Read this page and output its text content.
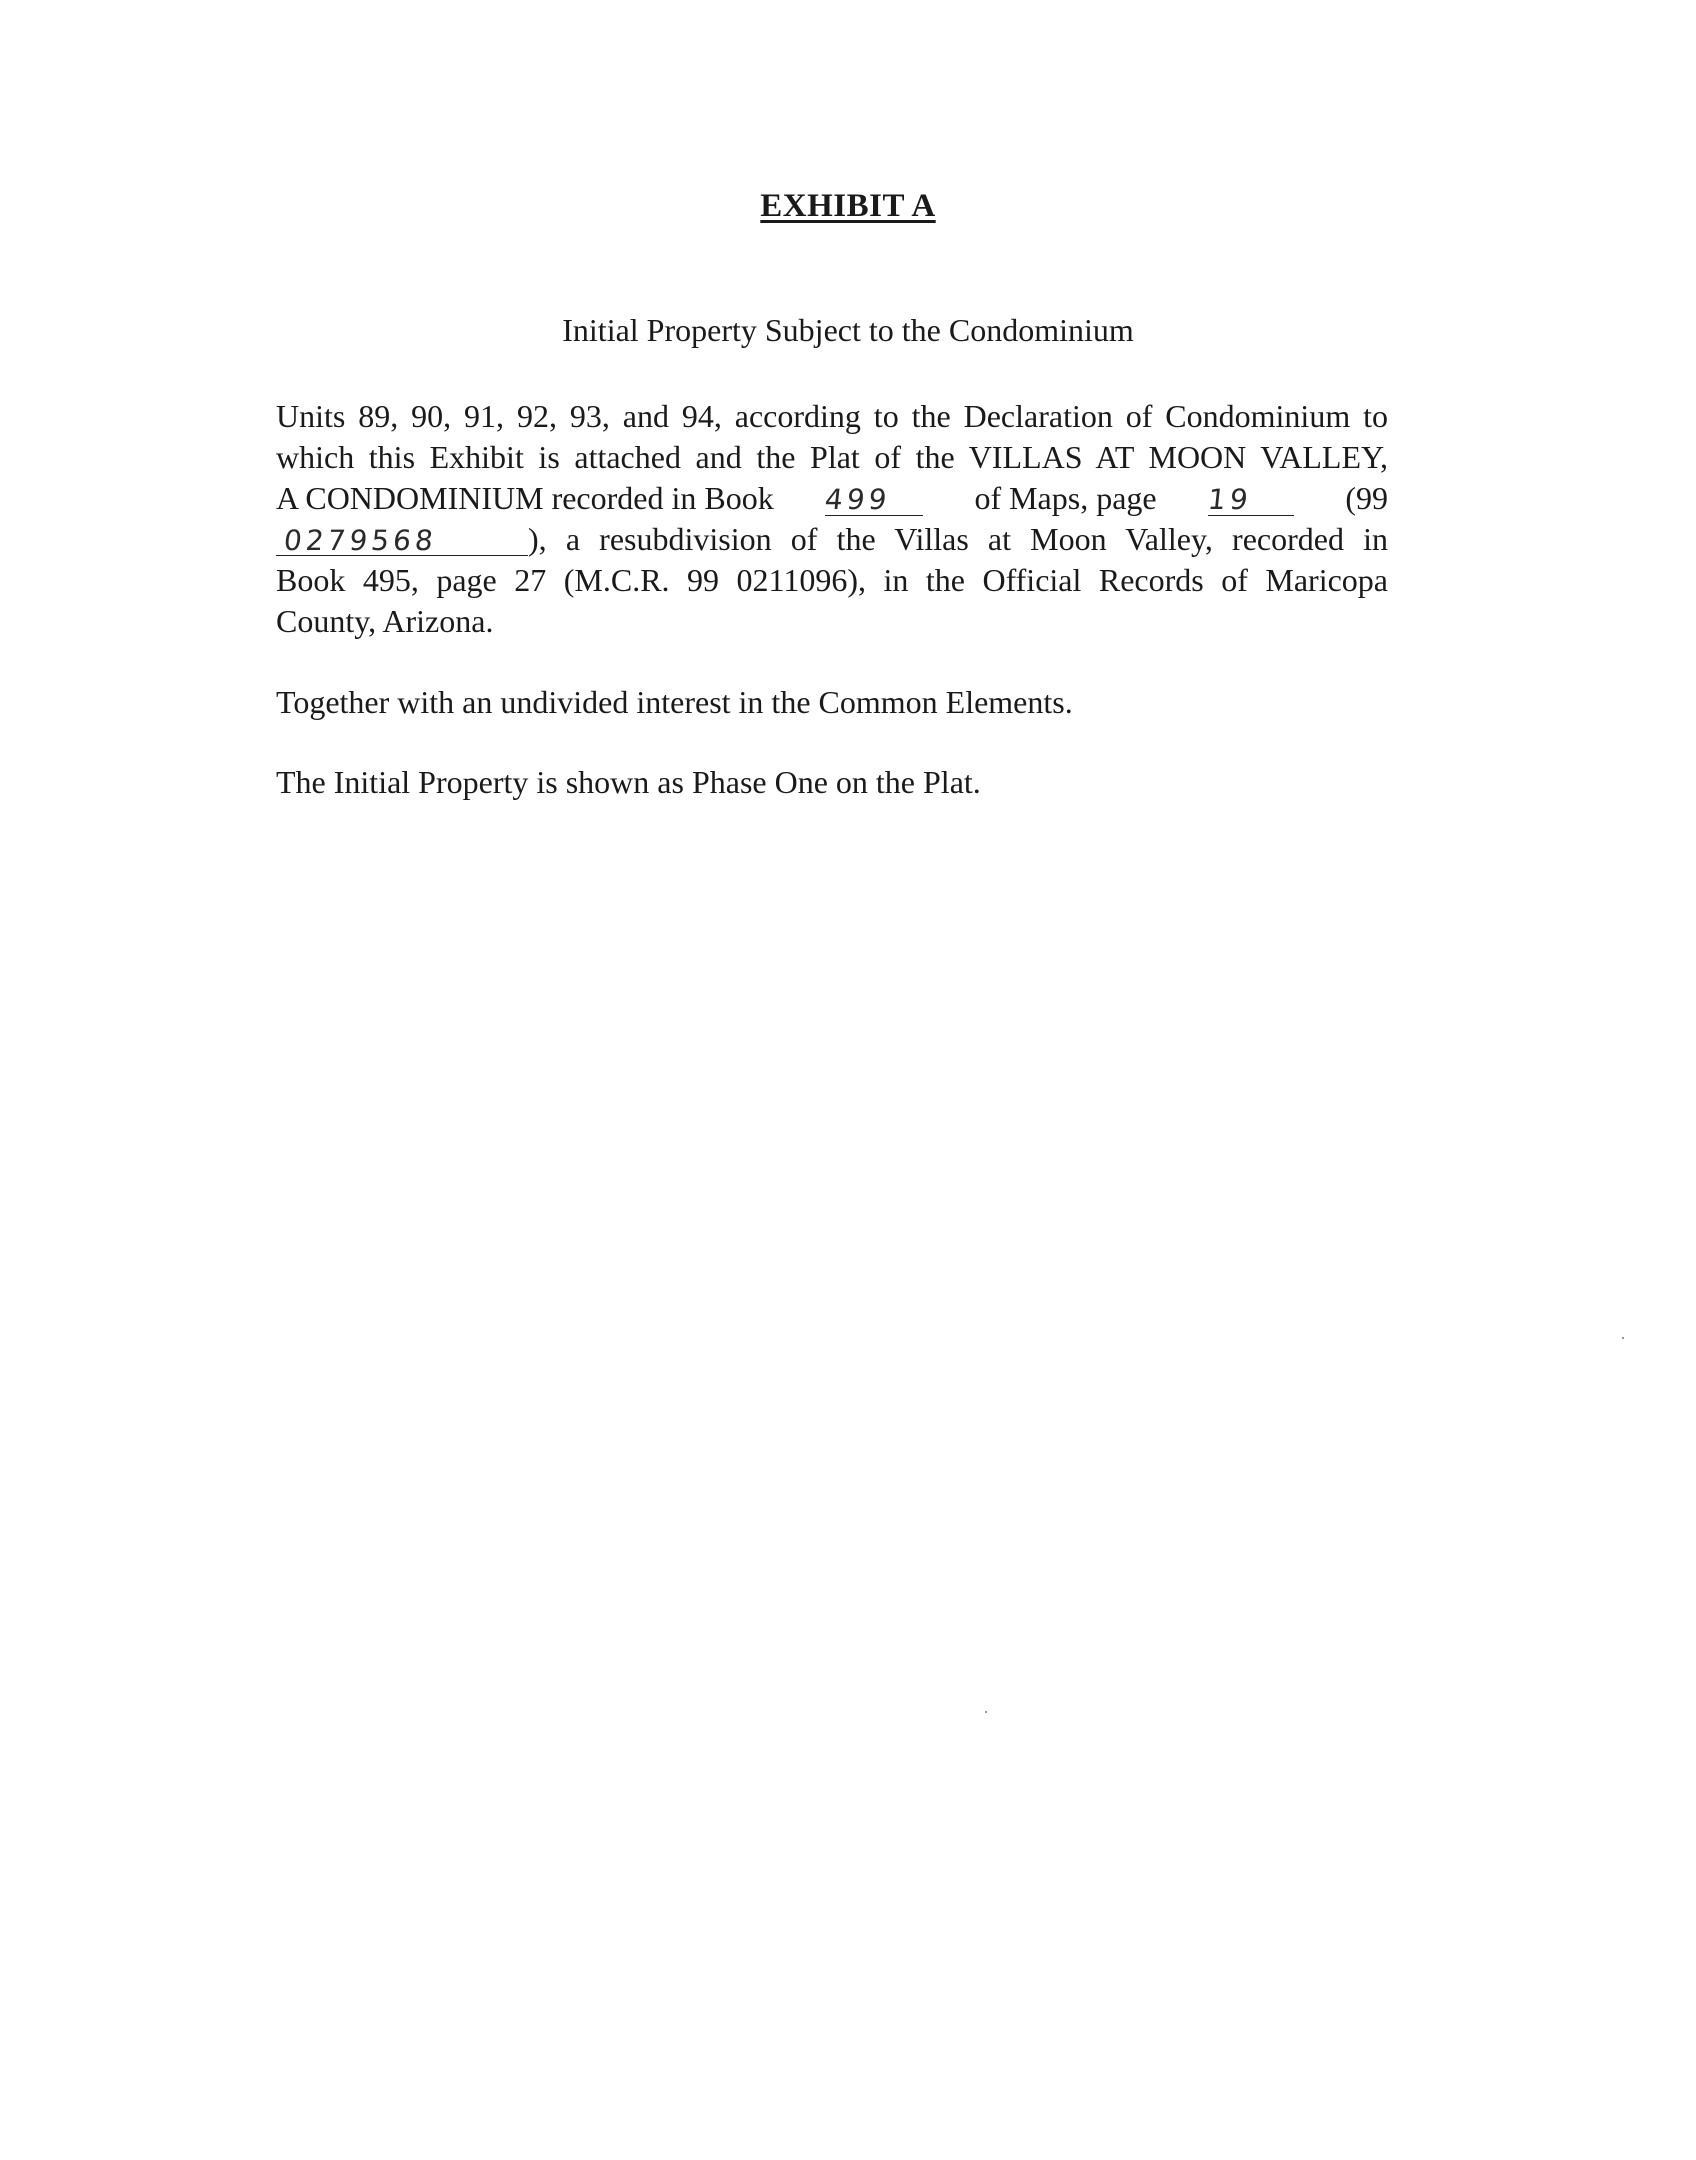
EXHIBIT A
Initial Property Subject to the Condominium
Units 89, 90, 91, 92, 93, and 94, according to the Declaration of Condominium to
which this Exhibit is attached and the Plat of the VILLAS AT MOON VALLEY,
A CONDOMINIUM recorded in Book 499	of Maps, page 19	(99
0279568	), a resubdivision of the Villas at Moon Valley, recorded in
Book 495, page 27 (M.C.R. 99 0211096), in the Official Records of Maricopa
County, Arizona.
Together with an undivided interest in the Common Elements.
The Initial Property is shown as Phase One on the Plat.
